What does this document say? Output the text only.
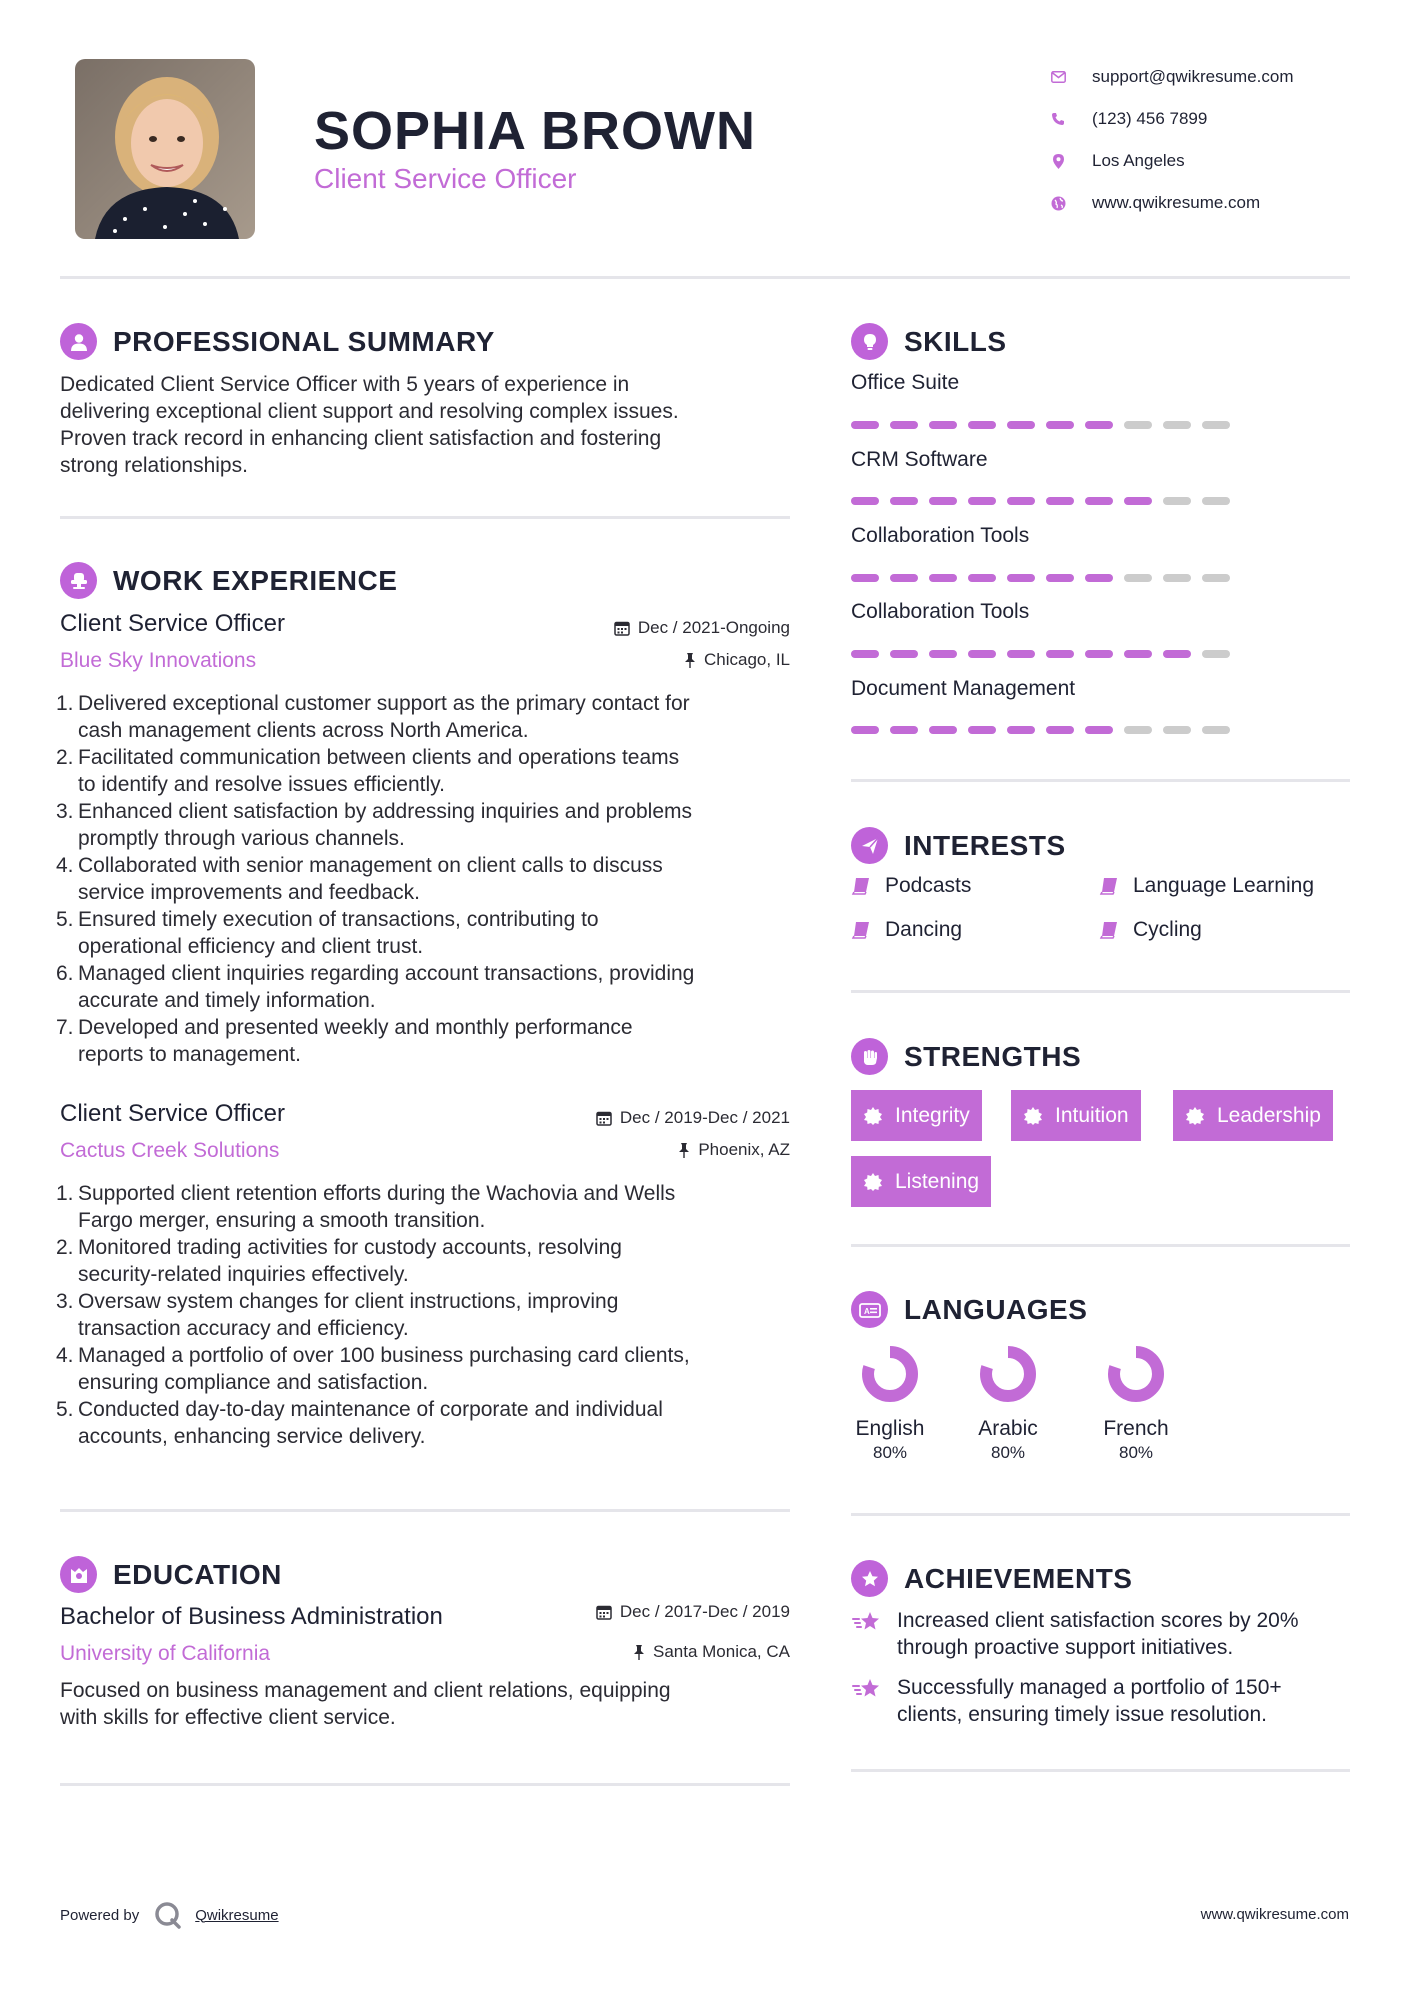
SOPHIA BROWN
Client Service Officer
support@qwikresume.com
(123) 456 7899
Los Angeles
www.qwikresume.com
PROFESSIONAL SUMMARY
Dedicated Client Service Officer with 5 years of experience in
delivering exceptional client support and resolving complex issues.
Proven track record in enhancing client satisfaction and fostering
strong relationships.
WORK EXPERIENCE
Client Service Officer	Dec / 2021-Ongoing
Blue Sky Innovations	Chicago, IL
1. Delivered exceptional customer support as the primary contact for
cash management clients across North America.
2. Facilitated communication between clients and operations teams
to identify and resolve issues efficiently.
3. Enhanced client satisfaction by addressing inquiries and problems
promptly through various channels.
4. Collaborated with senior management on client calls to discuss
service improvements and feedback.
5. Ensured timely execution of transactions, contributing to
operational efficiency and client trust.
6. Managed client inquiries regarding account transactions, providing
accurate and timely information.
7. Developed and presented weekly and monthly performance
reports to management.
Client Service Officer	Dec / 2019-Dec / 2021
Cactus Creek Solutions	Phoenix, AZ
1. Supported client retention efforts during the Wachovia and Wells
Fargo merger, ensuring a smooth transition.
2. Monitored trading activities for custody accounts, resolving
security-related inquiries effectively.
3. Oversaw system changes for client instructions, improving
transaction accuracy and efficiency.
4. Managed a portfolio of over 100 business purchasing card clients,
ensuring compliance and satisfaction.
5. Conducted day-to-day maintenance of corporate and individual
accounts, enhancing service delivery.
EDUCATION
Bachelor of Business Administration	Dec / 2017-Dec / 2019
University of California	Santa Monica, CA
Focused on business management and client relations, equipping
with skills for effective client service.
SKILLS
Office Suite
CRM Software
Collaboration Tools
Collaboration Tools
Document Management
INTERESTS
Podcasts	Language Learning
Dancing	Cycling
STRENGTHS
Integrity	Intuition	Leadership
Listening
A LANGUAGES
English
80%
Arabic
80%
French
80%
ACHIEVEMENTS
Increased client satisfaction scores by 20%
through proactive support initiatives.
Successfully managed a portfolio of 150+
clients, ensuring timely issue resolution.
Powered by	Qwikresume	www.qwikresume.com
